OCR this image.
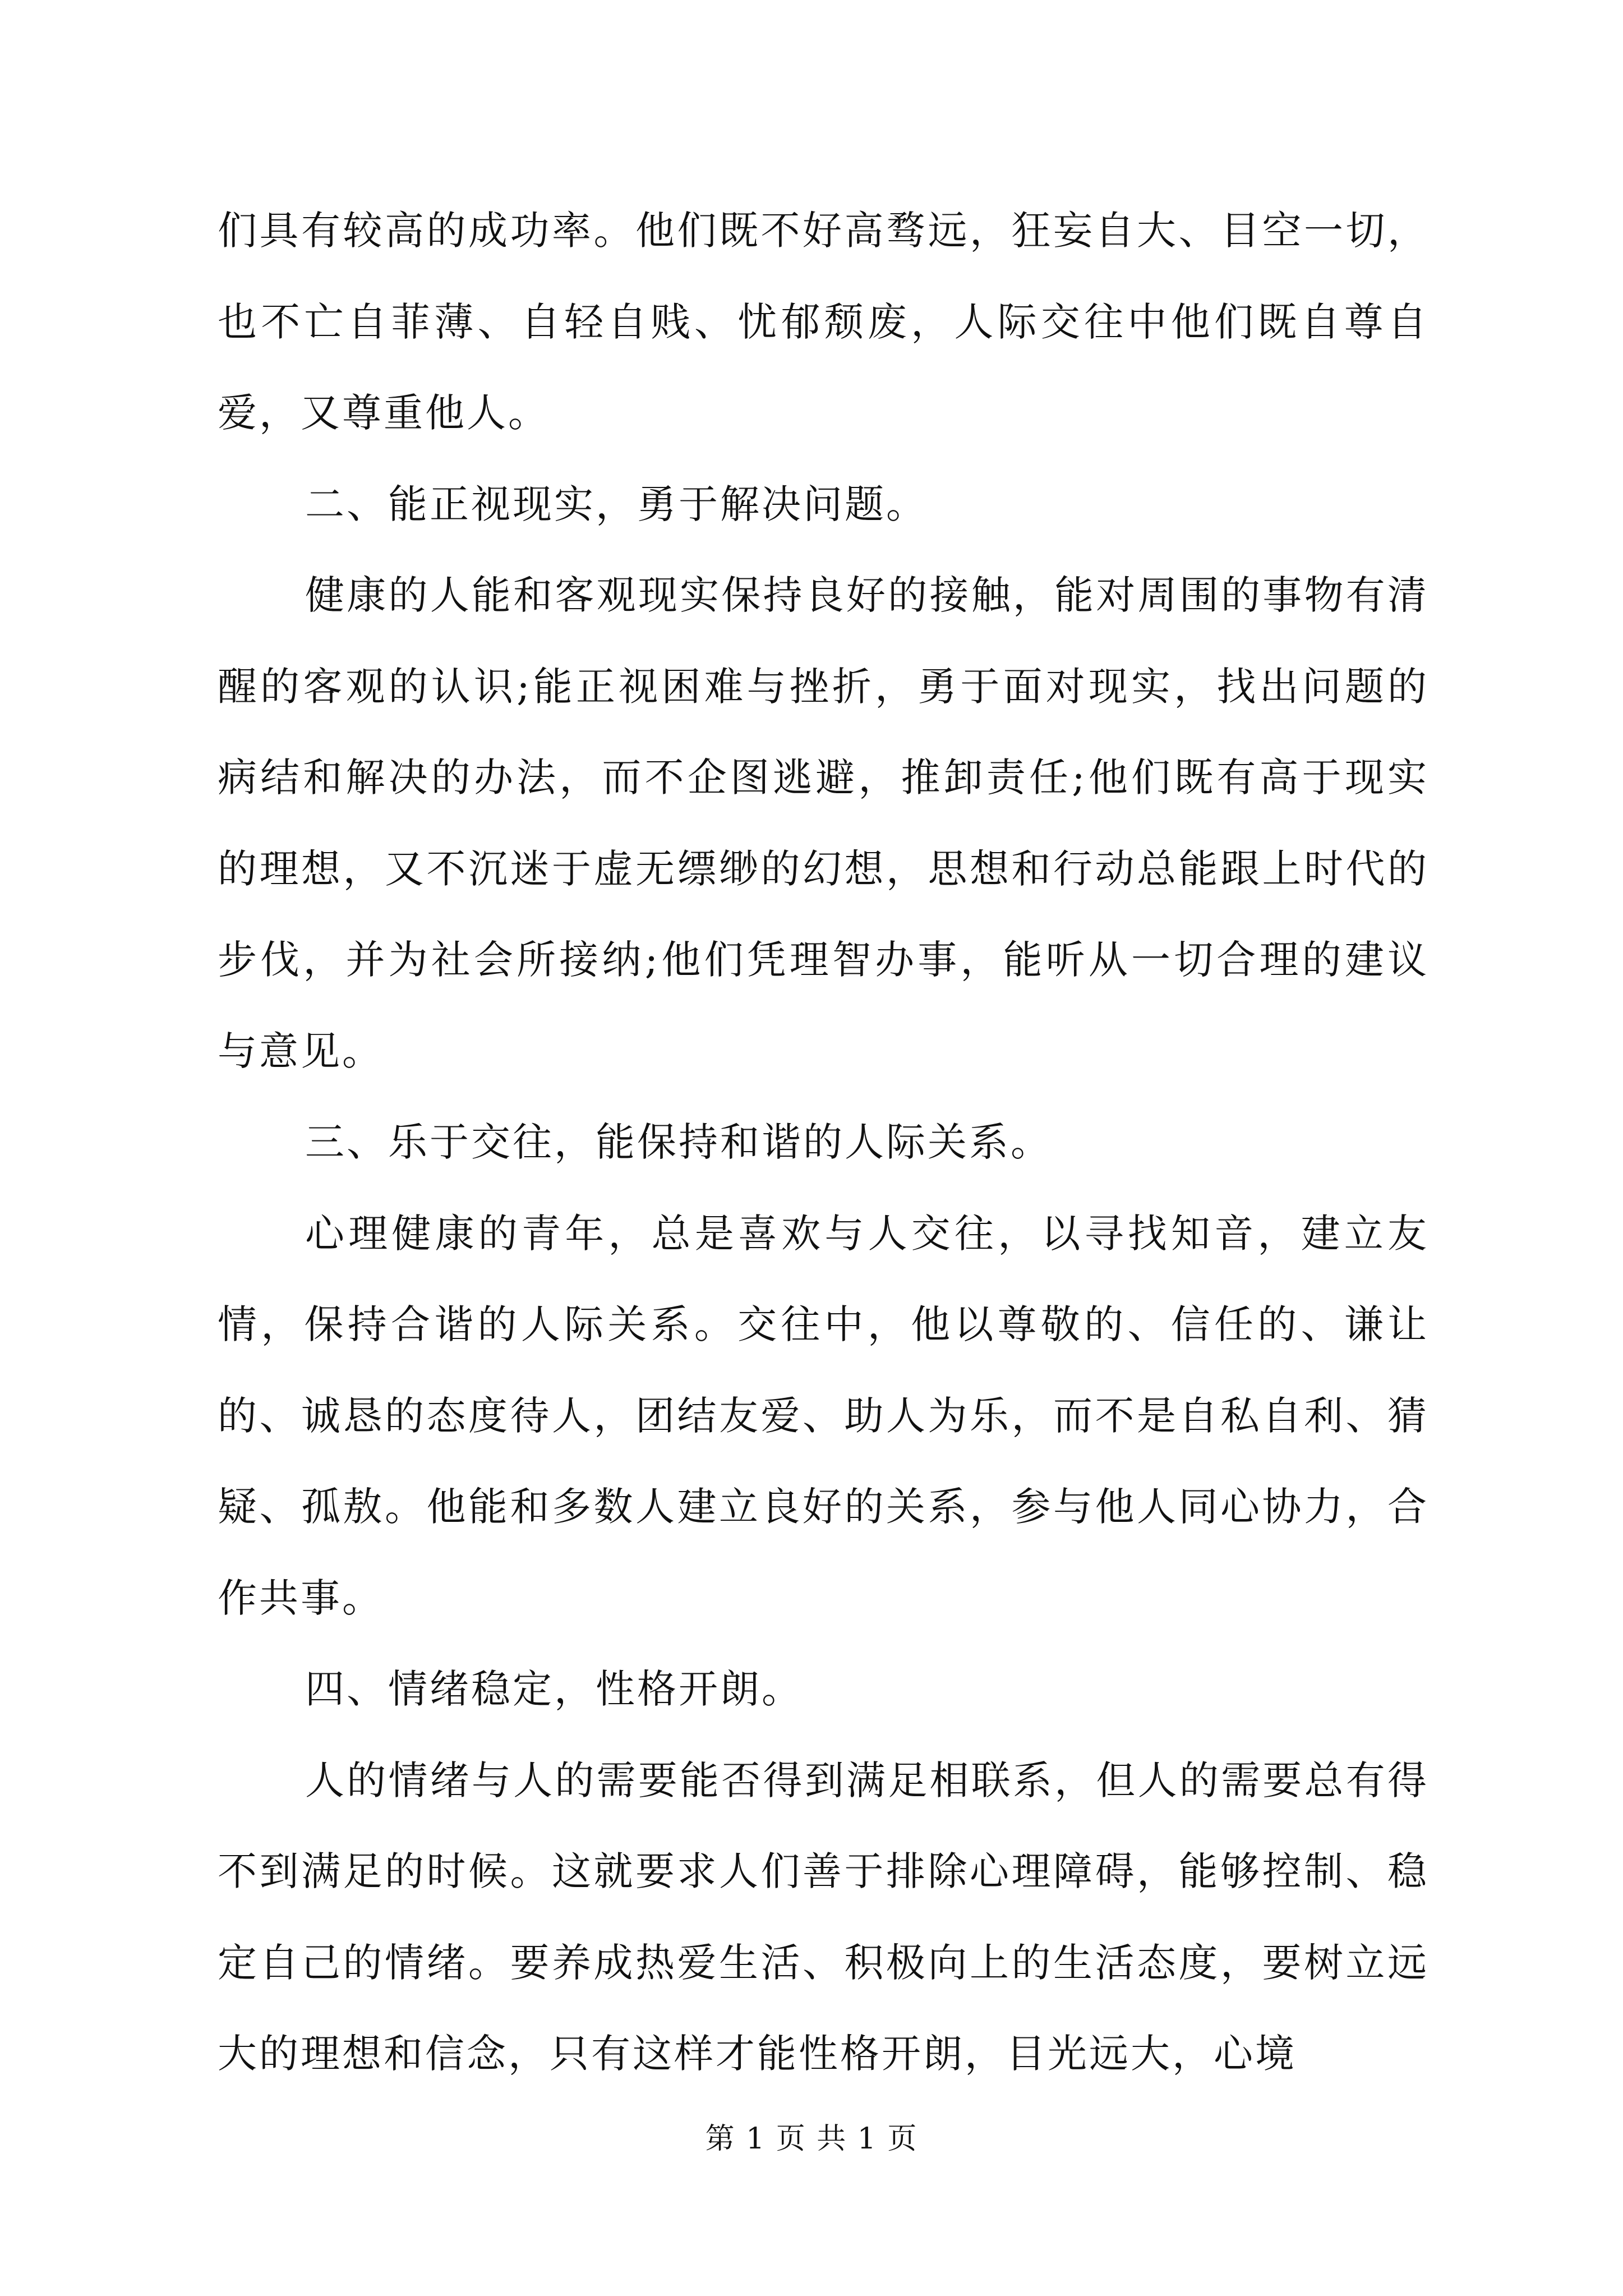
们具有较高的成功率。他们既不好高骛远，狂妄自大、目空一切，也不亡自菲薄、自轻自贱、忧郁颓废，人际交往中他们既自尊自爱，又尊重他人。

二、能正视现实，勇于解决问题。

健康的人能和客观现实保持良好的接触，能对周围的事物有清醒的客观的认识;能正视困难与挫折，勇于面对现实，找出问题的病结和解决的办法，而不企图逃避，推卸责任;他们既有高于现实的理想，又不沉迷于虚无缥缈的幻想，思想和行动总能跟上时代的步伐，并为社会所接纳;他们凭理智办事，能听从一切合理的建议与意见。

三、乐于交往，能保持和谐的人际关系。

心理健康的青年，总是喜欢与人交往，以寻找知音，建立友情，保持合谐的人际关系。交往中，他以尊敬的、信任的、谦让的、诚恳的态度待人，团结友爱、助人为乐，而不是自私自利、猜疑、孤敖。他能和多数人建立良好的关系，参与他人同心协力，合作共事。

四、情绪稳定，性格开朗。

人的情绪与人的需要能否得到满足相联系，但人的需要总有得不到满足的时候。这就要求人们善于排除心理障碍，能够控制、稳定自己的情绪。要养成热爱生活、积极向上的生活态度，要树立远大的理想和信念，只有这样才能性格开朗，目光远大，心境

第 1 页 共 1 页
